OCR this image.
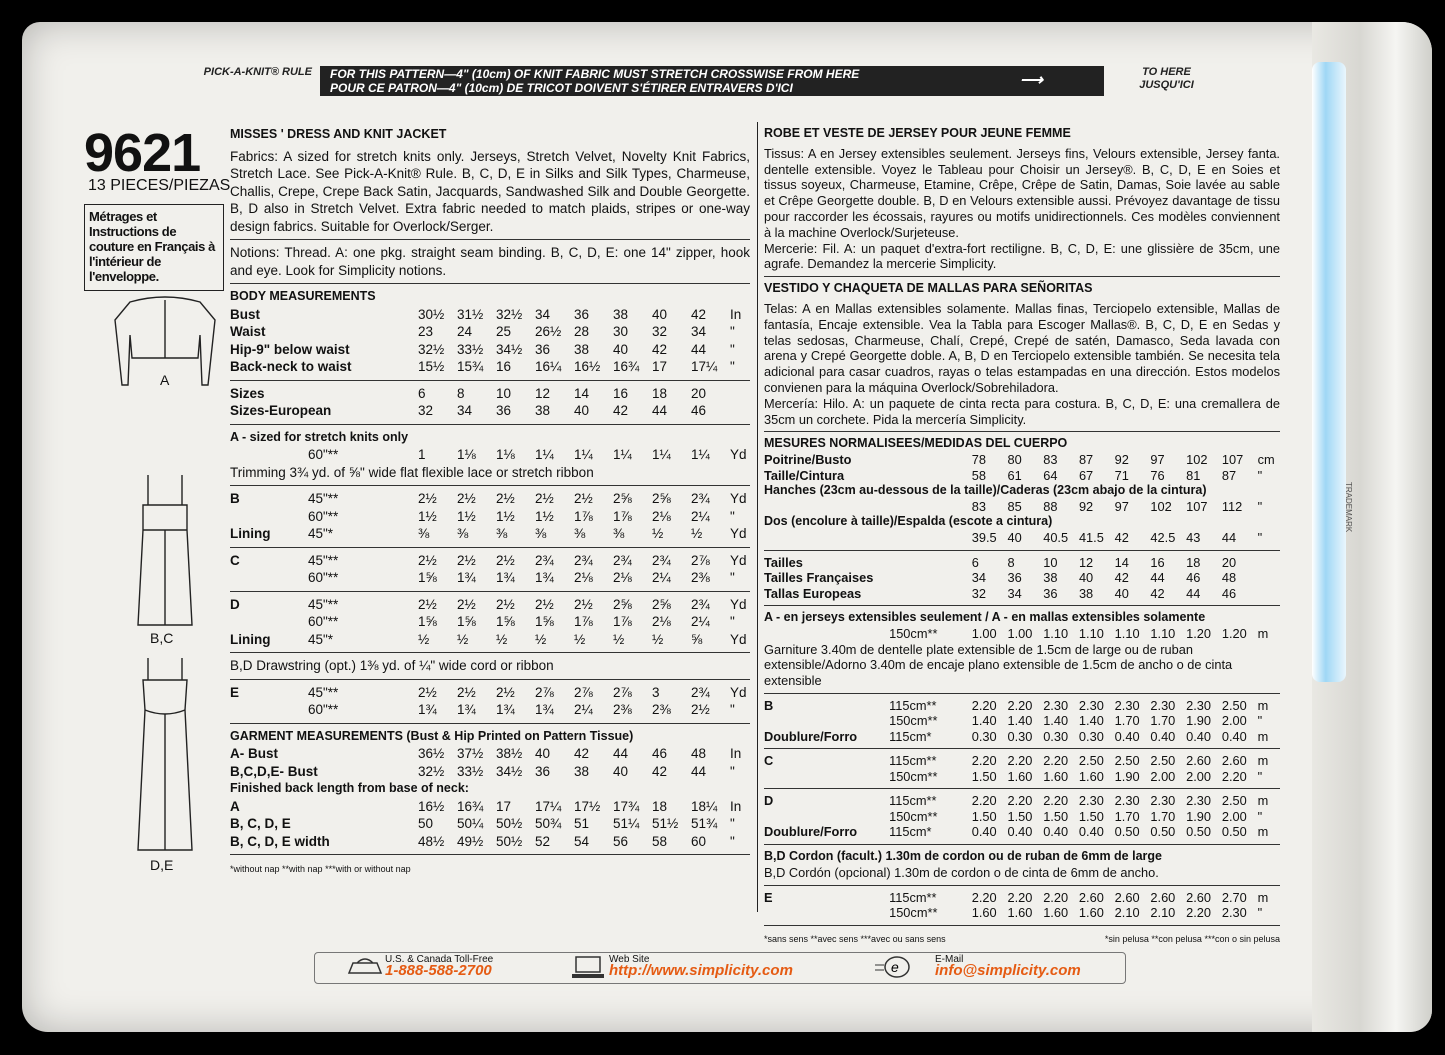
PICK-A-KNIT® RULE	FOR THIS PATTERN—4" (10cm) OF KNIT FABRIC MUST STRETCH CROSSWISE FROM HERE
POUR CE PATRON—4" (10cm) DE TRICOT DOIVENT S'ÉTIRER ENTRAVERS D'ICI	⟶	TO HERE
JUSQU'ICI
9621
13 PIECES/PIEZAS
Métrages et Instructions de couture en Français à l'intérieur de l'enveloppe.
A
B,C
D,E
MISSES ' DRESS AND KNIT JACKET

Fabrics: A sized for stretch knits only. Jerseys, Stretch Velvet, Novelty Knit Fabrics, Stretch Lace. See Pick-A-Knit® Rule. B, C, D, E in Silks and Silk Types, Charmeuse, Challis, Crepe, Crepe Back Satin, Jacquards, Sandwashed Silk and Double Georgette. B, D also in Stretch Velvet. Extra fabric needed to match plaids, stripes or one-way design fabrics. Suitable for Overlock/Serger.

Notions: Thread. A: one pkg. straight seam binding. B, C, D, E: one 14" zipper, hook and eye. Look for Simplicity notions.

BODY MEASUREMENTS
Bust	30½	31½	32½	34	36	38	40	42	In
Waist	23	24	25	26½	28	30	32	34	"
Hip-9" below waist	32½	33½	34½	36	38	40	42	44	"
Back-neck to waist	15½	15¾	16	16¼	16½	16¾	17	17¼	"
Sizes	6	8	10	12	14	16	18	20	
Sizes-European	32	34	36	38	40	42	44	46	
A - sized for stretch knits only
	60"**	1	1⅛	1⅛	1¼	1¼	1¼	1¼	1¼	Yd
Trimming 3¾ yd. of ⅝" wide flat flexible lace or stretch ribbon
B	45"**	2½	2½	2½	2½	2½	2⅝	2⅝	2¾	Yd
	60"**	1½	1½	1½	1½	1⅞	1⅞	2⅛	2¼	"
Lining	45"*	⅜	⅜	⅜	⅜	⅜	⅜	½	½	Yd
C	45"**	2½	2½	2½	2¾	2¾	2¾	2¾	2⅞	Yd
	60"**	1⅝	1¾	1¾	1¾	2⅛	2⅛	2¼	2⅜	"
D	45"**	2½	2½	2½	2½	2½	2⅝	2⅝	2¾	Yd
	60"**	1⅝	1⅝	1⅝	1⅝	1⅞	1⅞	2⅛	2¼	"
Lining	45"*	½	½	½	½	½	½	½	⅝	Yd
B,D Drawstring (opt.) 1⅜ yd. of ¼" wide cord or ribbon
E	45"**	2½	2½	2½	2⅞	2⅞	2⅞	3	2¾	Yd
	60"**	1¾	1¾	1¾	1¾	2¼	2⅜	2⅜	2½	"
GARMENT MEASUREMENTS (Bust & Hip Printed on Pattern Tissue)
A- Bust	36½	37½	38½	40	42	44	46	48	In
B,C,D,E- Bust	32½	33½	34½	36	38	40	42	44	"
Finished back length from base of neck:
A	16½	16¾	17	17¼	17½	17¾	18	18¼	In
B, C, D, E	50	50¼	50½	50¾	51	51¼	51½	51¾	"
B, C, D, E width	48½	49½	50½	52	54	56	58	60	"
*without nap **with nap ***with or without nap
ROBE ET VESTE DE JERSEY POUR JEUNE FEMME

Tissus: A en Jersey extensibles seulement. Jerseys fins, Velours extensible, Jersey fanta. dentelle extensible. Voyez le Tableau pour Choisir un Jersey®. B, C, D, E en Soies et tissus soyeux, Charmeuse, Etamine, Crêpe, Crêpe de Satin, Damas, Soie lavée au sable et Crêpe Georgette double. B, D en Velours extensible aussi. Prévoyez davantage de tissu pour raccorder les écossais, rayures ou motifs unidirectionnels. Ces modèles conviennent à la machine Overlock/Surjeteuse.

Mercerie: Fil. A: un paquet d'extra-fort rectiligne. B, C, D, E: une glissière de 35cm, une agrafe. Demandez la mercerie Simplicity.

VESTIDO Y CHAQUETA DE MALLAS PARA SEÑORITAS

Telas: A en Mallas extensibles solamente. Mallas finas, Terciopelo extensible, Mallas de fantasía, Encaje extensible. Vea la Tabla para Escoger Mallas®. B, C, D, E en Sedas y telas sedosas, Charmeuse, Chalí, Crepé, Crepé de satén, Damasco, Seda lavada con arena y Crepé Georgette doble. A, B, D en Terciopelo extensible también. Se necesita tela adicional para casar cuadros, rayas o telas estampadas en una dirección. Estos modelos convienen para la máquina Overlock/Sobrehiladora.

Mercería: Hilo. A: un paquete de cinta recta para costura. B, C, D, E: una cremallera de 35cm un corchete. Pida la mercería Simplicity.

MESURES NORMALISEES/MEDIDAS DEL CUERPO
Poitrine/Busto	78	80	83	87	92	97	102	107	cm
Taille/Cintura	58	61	64	67	71	76	81	87	"
Hanches (23cm au-dessous de la taille)/Caderas (23cm abajo de la cintura)
	83	85	88	92	97	102	107	112	"
Dos (encolure à taille)/Espalda (escote a cintura)
	39.5	40	40.5	41.5	42	42.5	43	44	"
Tailles	6	8	10	12	14	16	18	20	
Tailles Françaises	34	36	38	40	42	44	46	48	
Tallas Europeas	32	34	36	38	40	42	44	46	
A - en jerseys extensibles seulement / A - en mallas extensibles solamente
	150cm**	1.00	1.00	1.10	1.10	1.10	1.10	1.20	1.20	m
Garniture 3.40m de dentelle plate extensible de 1.5cm de large ou de ruban extensible/Adorno 3.40m de encaje plano extensible de 1.5cm de ancho o de cinta extensible
B	115cm**	2.20	2.20	2.30	2.30	2.30	2.30	2.30	2.50	m
	150cm**	1.40	1.40	1.40	1.40	1.70	1.70	1.90	2.00	"
Doublure/Forro	115cm*	0.30	0.30	0.30	0.30	0.40	0.40	0.40	0.40	m
C	115cm**	2.20	2.20	2.20	2.50	2.50	2.50	2.60	2.60	m
	150cm**	1.50	1.60	1.60	1.60	1.90	2.00	2.00	2.20	"
D	115cm**	2.20	2.20	2.20	2.30	2.30	2.30	2.30	2.50	m
	150cm**	1.50	1.50	1.50	1.50	1.70	1.70	1.90	2.00	"
Doublure/Forro	115cm*	0.40	0.40	0.40	0.40	0.50	0.50	0.50	0.50	m
B,D Cordon (facult.) 1.30m de cordon ou de ruban de 6mm de large
B,D Cordón (opcional) 1.30m de cordon o de cinta de 6mm de ancho.
E	115cm**	2.20	2.20	2.20	2.60	2.60	2.60	2.60	2.70	m
	150cm**	1.60	1.60	1.60	1.60	2.10	2.10	2.20	2.30	"
*sans sens **avec sens ***avec ou sans sens	*sin pelusa **con pelusa ***con o sin pelusa
TRADEMARK
U.S. & Canada Toll-Free
1-888-588-2700
Web Site
http://www.simplicity.com	e	E-Mail
info@simplicity.com
